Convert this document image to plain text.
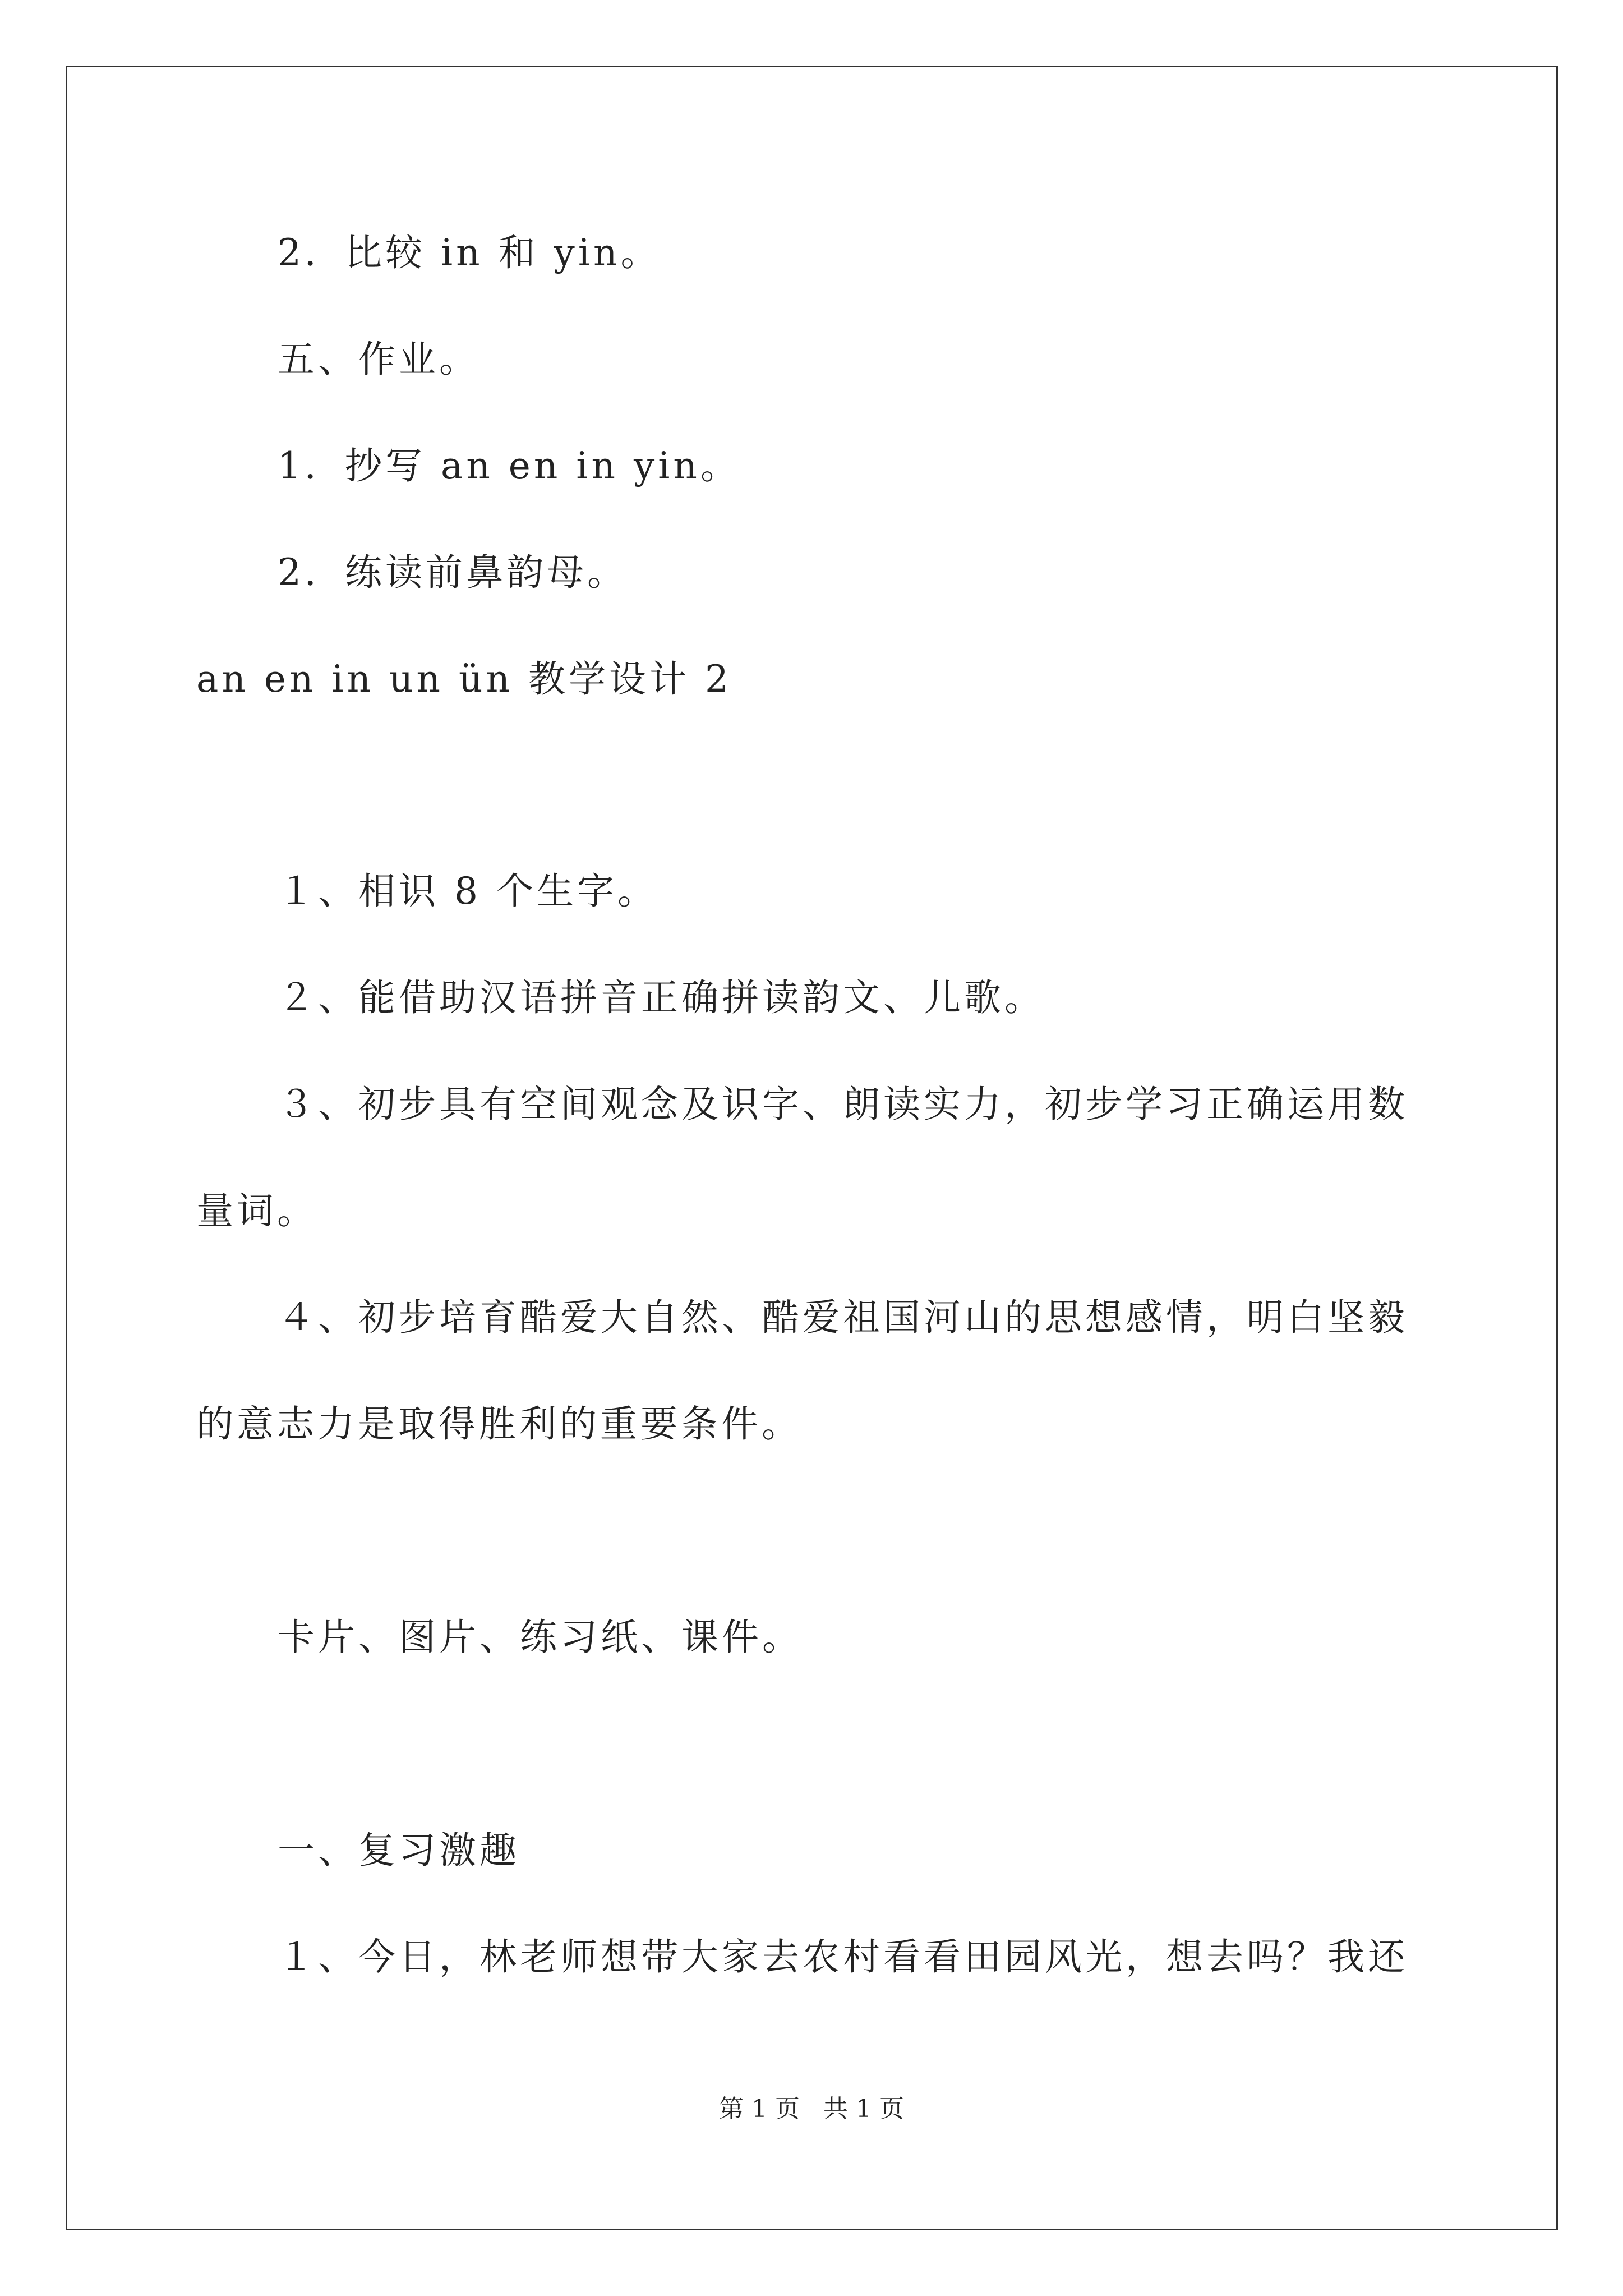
2．比较 in 和 yin。
五、作业。
1．抄写 an en in yin。
2．练读前鼻韵母。
an en in un ün 教学设计 2
１、相识 8 个生字。
２、能借助汉语拼音正确拼读韵文、儿歌。
３、初步具有空间观念及识字、朗读实力，初步学习正确运用数
量词。
４、初步培育酷爱大自然、酷爱祖国河山的思想感情，明白坚毅
的意志力是取得胜利的重要条件。
卡片、图片、练习纸、课件。
一、复习激趣
１、今日，林老师想带大家去农村看看田园风光，想去吗？我还
第 1 页   共 1 页
